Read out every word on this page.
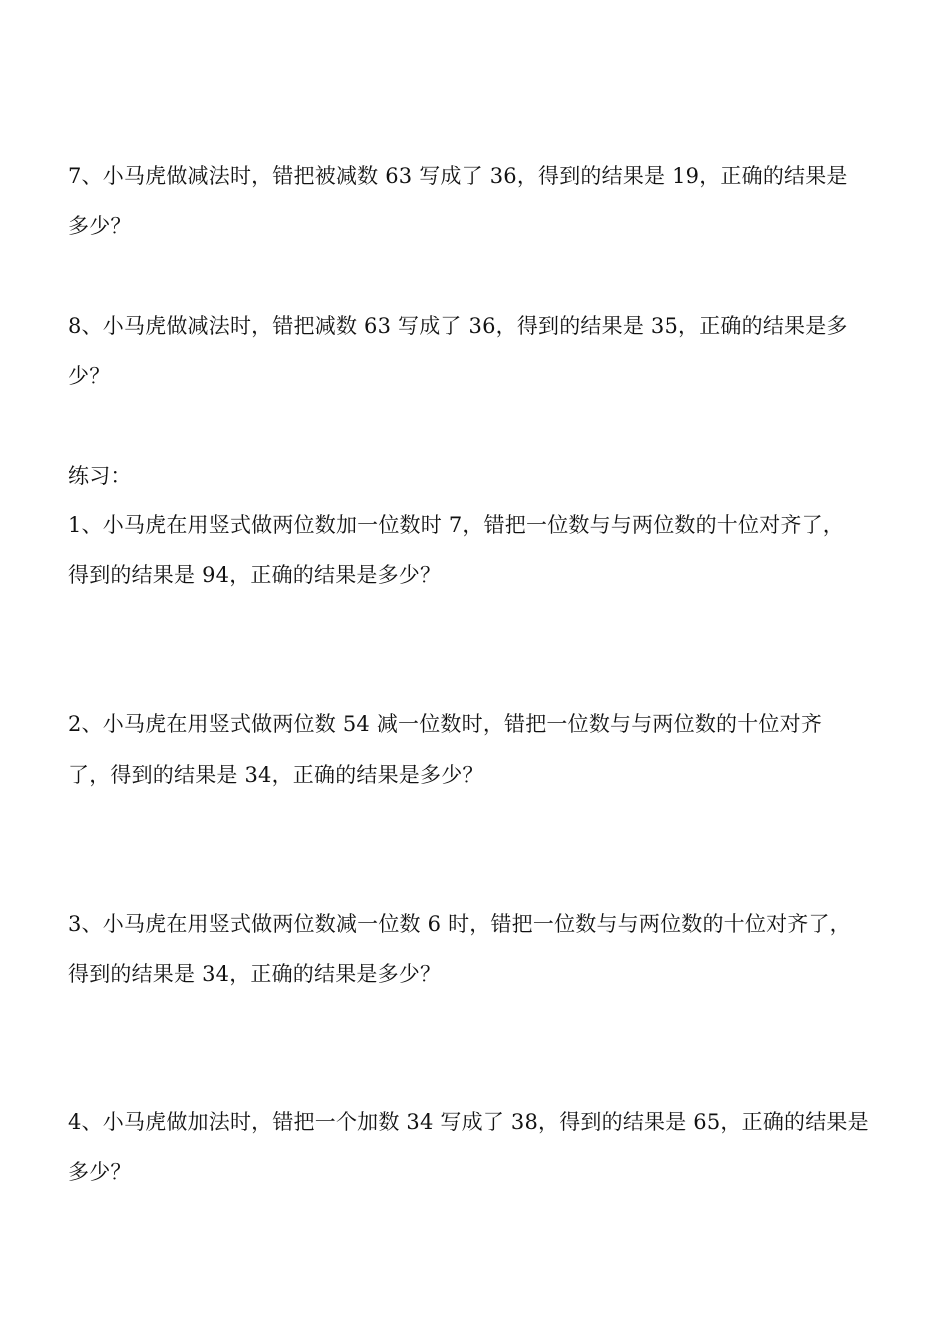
7、小马虎做减法时，错把被减数 63 写成了 36，得到的结果是 19，正确的结果是
多少？
8、小马虎做减法时，错把减数 63 写成了 36，得到的结果是 35，正确的结果是多
少？
练习：
1、小马虎在用竖式做两位数加一位数时 7，错把一位数与与两位数的十位对齐了，
得到的结果是 94，正确的结果是多少？
2、小马虎在用竖式做两位数 54 减一位数时，错把一位数与与两位数的十位对齐
了，得到的结果是 34，正确的结果是多少？
3、小马虎在用竖式做两位数减一位数 6 时，错把一位数与与两位数的十位对齐了，
得到的结果是 34，正确的结果是多少？
4、小马虎做加法时，错把一个加数 34 写成了 38，得到的结果是 65，正确的结果是
多少？
